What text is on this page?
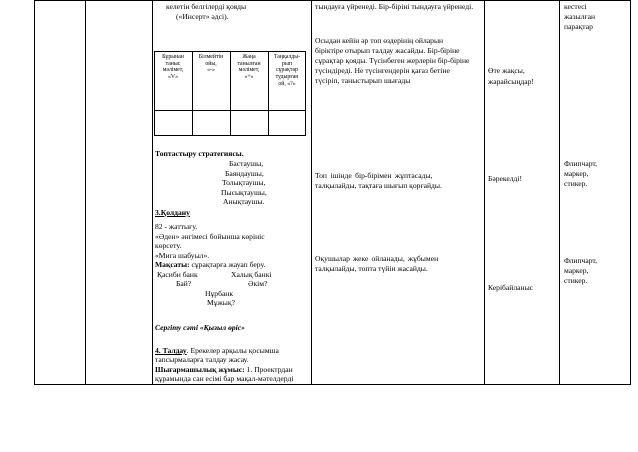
келетін белгілерді қояды
(«Инсерт» әдсі).
Бұрынан
таныс
мәлімет,
«V»
Білмейтін
ойы,
«-»
Жаңа
танылған
мәлімет,
«+»
Таңқалды-
рып
сұрақтар
тудырған
ой, «?»
Топтастыру стратегиясы.
Бастаушы,
Баяндаушы,
Толықтаушы,
Пысықтаушы,
Анықтаушы.
3.Қолдану
82 - жаттығу.
«Әден» әнгімесі бойынша көрініс
көрсету.
«Мига шабуыл».
Мақсаты: сұрақтарға жауап беру.
Қасиби банк	Халық банкі
Бай?	Әкім?
Нұрбанк
Мұжық?
Сергіту сәті «Қызыл өріс»
4. Талдау. Ерекелер арқылы қосымша
тапсырмаларға талдау жасау.
Шығармашылық жұмыс: 1. Проектрдан
құрамында сан есімі бар мақал-мәтелдерді
тындауға үйренеді. Бір-біріні тындауға үйренеді.
Осыдан кейін әр топ өздерінің ойларын
біріктіре отырып талдау жасайды. Бір-біріне
сұрақтар қояды. Түсінбеген жерлерін бір-біріне
түсіндіреді. Не түсінгендерін қағаз бетіне
түсіріп, таныстырып шығады
Топ ішінде бір-бірімен жұптасады,
талқылайды, тақтаға шығып қорғайды.
Оқушылар жеке ойланады, жұбымен
талқылайды, топта түйін жасайды.
Өте жақсы,
жарайсыңдар!
Бәрекелді!
Керібайланыс
кестесі
жазылған
парақтар
Флипчарт,
маркер,
стикер.
Флипчарт,
маркер,
стикер.
